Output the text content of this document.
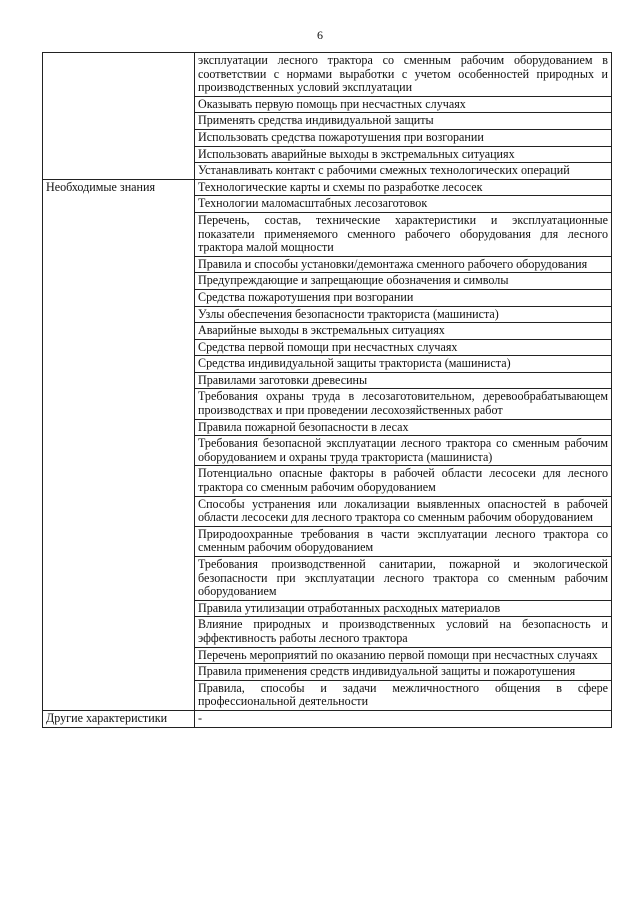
6
	эксплуатации лесного трактора со сменным рабочим оборудованием в соответствии с нормами выработки с учетом особенностей природных и производственных условий эксплуатации
	Оказывать первую помощь при несчастных случаях
	Применять средства индивидуальной защиты
	Использовать средства пожаротушения при возгорании
	Использовать аварийные выходы в экстремальных ситуациях
	Устанавливать контакт с рабочими смежных технологических операций
Необходимые знания	Технологические карты и схемы по разработке лесосек
	Технологии маломасштабных лесозаготовок
	Перечень, состав, технические характеристики и эксплуатационные показатели применяемого сменного рабочего оборудования для лесного трактора малой мощности
	Правила и способы установки/демонтажа сменного рабочего оборудования
	Предупреждающие и запрещающие обозначения и символы
	Средства пожаротушения при возгорании
	Узлы обеспечения безопасности тракториста (машиниста)
	Аварийные выходы в экстремальных ситуациях
	Средства первой помощи при несчастных случаях
	Средства индивидуальной защиты тракториста (машиниста)
	Правилами заготовки древесины
	Требования охраны труда в лесозаготовительном, деревообрабатывающем производствах и при проведении лесохозяйственных работ
	Правила пожарной безопасности в лесах
	Требования безопасной эксплуатации лесного трактора со сменным рабочим оборудованием и охраны труда тракториста (машиниста)
	Потенциально опасные факторы в рабочей области лесосеки для лесного трактора со сменным рабочим оборудованием
	Способы устранения или локализации выявленных опасностей в рабочей области лесосеки для лесного трактора со сменным рабочим оборудованием
	Природоохранные требования в части эксплуатации лесного трактора со сменным рабочим оборудованием
	Требования производственной санитарии, пожарной и экологической безопасности при эксплуатации лесного трактора со сменным рабочим оборудованием
	Правила утилизации отработанных расходных материалов
	Влияние природных и производственных условий на безопасность и эффективность работы лесного трактора
	Перечень мероприятий по оказанию первой помощи при несчастных случаях
	Правила применения средств индивидуальной защиты и пожаротушения
	Правила, способы и задачи межличностного общения в сфере профессиональной деятельности
Другие характеристики	-
